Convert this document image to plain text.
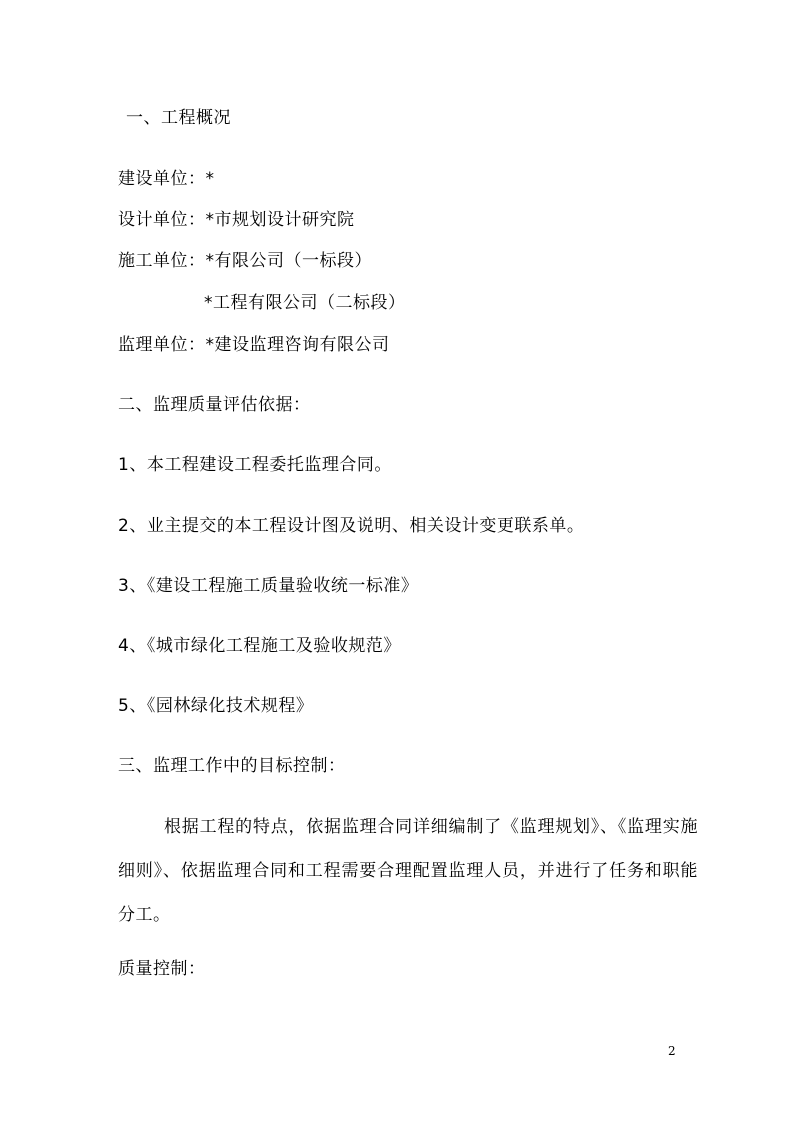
一、工程概况
建设单位：*
设计单位：*市规划设计研究院
施工单位：*有限公司（一标段）
*工程有限公司（二标段）
监理单位：*建设监理咨询有限公司
二、监理质量评估依据：
1、本工程建设工程委托监理合同。
2、业主提交的本工程设计图及说明、相关设计变更联系单。
3、《建设工程施工质量验收统一标准》
4、《城市绿化工程施工及验收规范》
5、《园林绿化技术规程》
三、监理工作中的目标控制：
根据工程的特点，依据监理合同详细编制了《监理规划》、《监理实施细则》、依据监理合同和工程需要合理配置监理人员，并进行了任务和职能分工。
质量控制：
2
